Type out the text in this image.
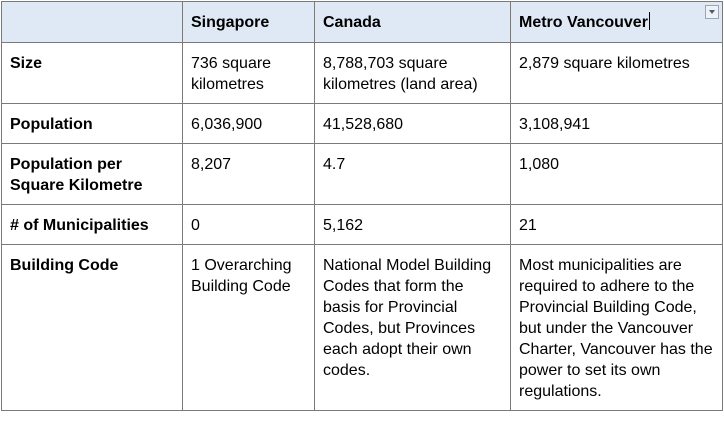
	Singapore	Canada	Metro Vancouver

Size	736 square kilometres	8,788,703 square kilometres (land area)	2,879 square kilometres
Population	6,036,900	41,528,680	3,108,941
Population per Square Kilometre	8,207	4.7	1,080
# of Municipalities	0	5,162	21
Building Code	1 Overarching Building Code	National Model Building Codes that form the basis for Provincial Codes, but Provinces each adopt their own codes.	Most municipalities are required to adhere to the Provincial Building Code, but under the Vancouver Charter, Vancouver has the power to set its own regulations.
